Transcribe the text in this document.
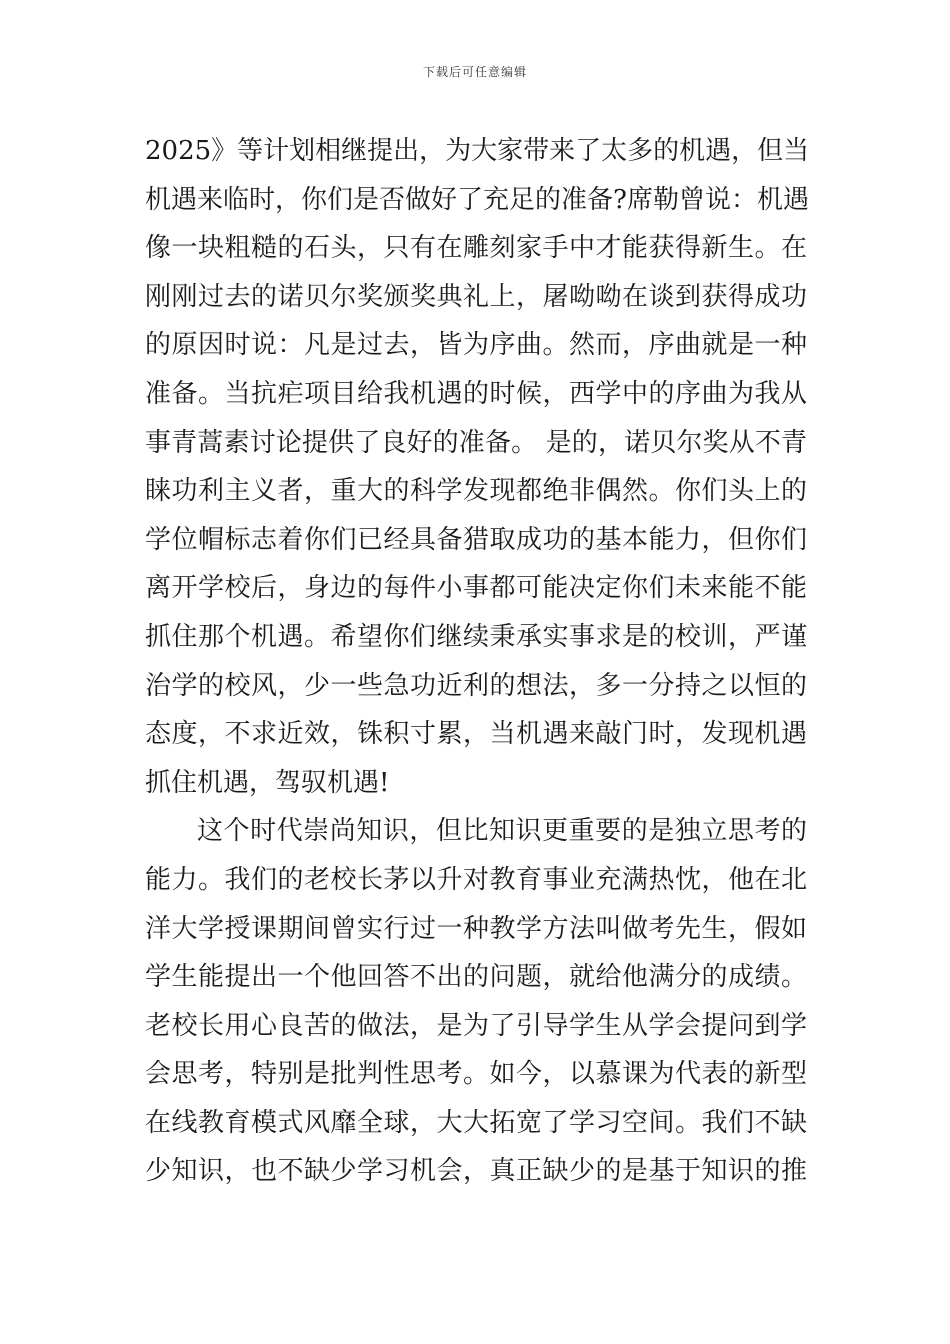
下载后可任意编辑
2025》等计划相继提出，为大家带来了太多的机遇，但当
机遇来临时，你们是否做好了充足的准备?席勒曾说：机遇
像一块粗糙的石头，只有在雕刻家手中才能获得新生。在
刚刚过去的诺贝尔奖颁奖典礼上，屠呦呦在谈到获得成功
的原因时说：凡是过去，皆为序曲。然而，序曲就是一种
准备。当抗疟项目给我机遇的时候，西学中的序曲为我从
事青蒿素讨论提供了良好的准备。 是的，诺贝尔奖从不青
睐功利主义者，重大的科学发现都绝非偶然。你们头上的
学位帽标志着你们已经具备猎取成功的基本能力，但你们
离开学校后，身边的每件小事都可能决定你们未来能不能
抓住那个机遇。希望你们继续秉承实事求是的校训，严谨
治学的校风，少一些急功近利的想法，多一分持之以恒的
态度，不求近效，铢积寸累，当机遇来敲门时，发现机遇
抓住机遇，驾驭机遇!
这个时代崇尚知识，但比知识更重要的是独立思考的
能力。我们的老校长茅以升对教育事业充满热忱，他在北
洋大学授课期间曾实行过一种教学方法叫做考先生，假如
学生能提出一个他回答不出的问题，就给他满分的成绩。
老校长用心良苦的做法，是为了引导学生从学会提问到学
会思考，特别是批判性思考。如今，以慕课为代表的新型
在线教育模式风靡全球，大大拓宽了学习空间。我们不缺
少知识，也不缺少学习机会，真正缺少的是基于知识的推
